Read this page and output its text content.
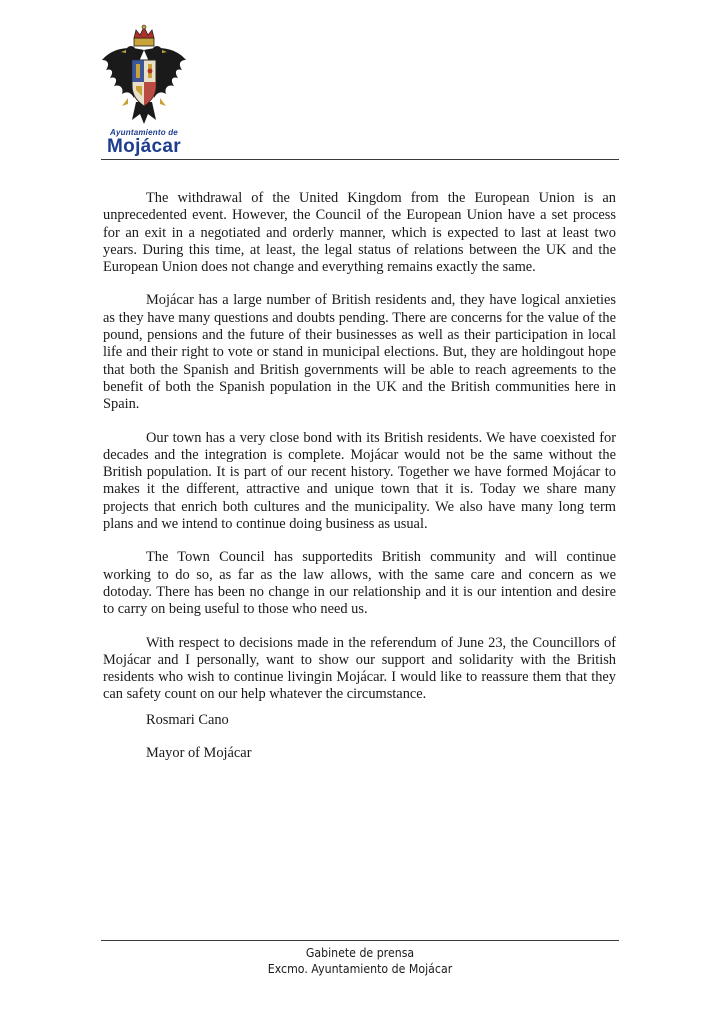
Ayuntamiento de
Mojácar

The withdrawal of the United Kingdom from the European Union is an unprecedented event. However, the Council of the European Union have a set process for an exit in a negotiated and orderly manner, which is expected to last at least two years. During this time, at least, the legal status of relations between the UK and the European Union does not change and everything remains exactly the same.

Mojácar has a large number of British residents and, they have logical anxieties as they have many questions and doubts pending. There are concerns for the value of the pound, pensions and the future of their businesses as well as their participation in local life and their right to vote or stand in municipal elections. But, they are holdingout hope that both the Spanish and British governments will be able to reach agreements to the benefit of both the Spanish population in the UK and the British communities here in Spain.

Our town has a very close bond with its British residents. We have coexisted for decades and the integration is complete. Mojácar would not be the same without the British population. It is part of our recent history. Together we have formed Mojácar to makes it the different, attractive and unique town that it is. Today we share many projects that enrich both cultures and the municipality. We also have many long term plans and we intend to continue doing business as usual.

The Town Council has supportedits British community and will continue working to do so, as far as the law allows, with the same care and concern as we dotoday. There has been no change in our relationship and it is our intention and desire to carry on being useful to those who need us.

With respect to decisions made in the referendum of June 23, the Councillors of Mojácar and I personally, want to show our support and solidarity with the British residents who wish to continue livingin Mojácar. I would like to reassure them that they can safety count on our help whatever the circumstance.

Rosmari Cano
Mayor of Mojácar
Gabinete de prensa
Excmo. Ayuntamiento de Mojácar
